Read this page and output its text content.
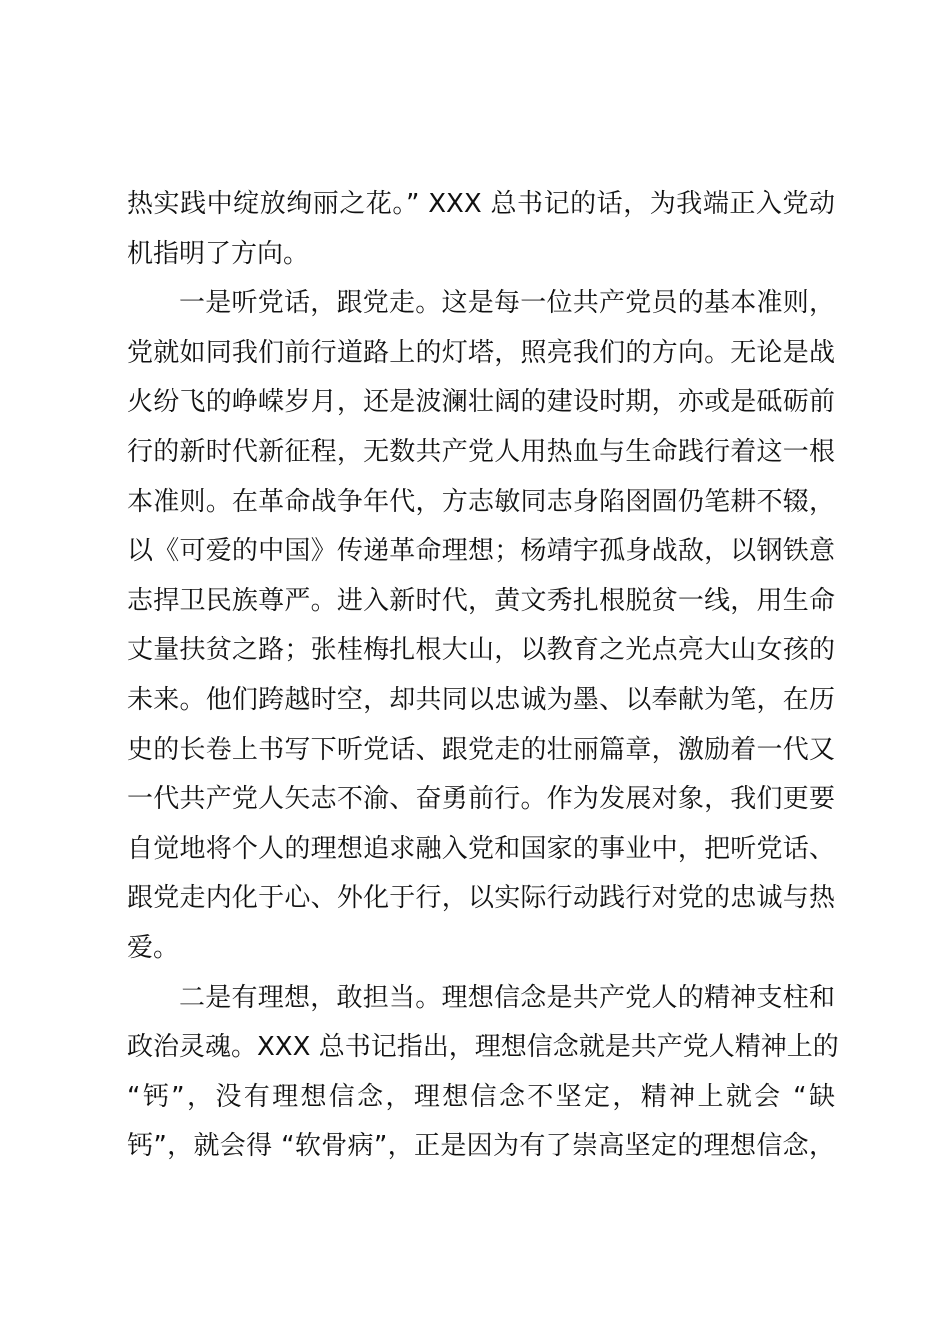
热实践中绽放绚丽之花。” XXX 总书记的话，为我端正入党动
机指明了方向。
一是听党话，跟党走。这是每一位共产党员的基本准则，
党就如同我们前行道路上的灯塔，照亮我们的方向。无论是战
火纷飞的峥嵘岁月，还是波澜壮阔的建设时期，亦或是砥砺前
行的新时代新征程，无数共产党人用热血与生命践行着这一根
本准则。在革命战争年代，方志敏同志身陷囹圄仍笔耕不辍，
以《可爱的中国》传递革命理想；杨靖宇孤身战敌，以钢铁意
志捍卫民族尊严。进入新时代，黄文秀扎根脱贫一线，用生命
丈量扶贫之路；张桂梅扎根大山，以教育之光点亮大山女孩的
未来。他们跨越时空，却共同以忠诚为墨、以奉献为笔，在历
史的长卷上书写下听党话、跟党走的壮丽篇章，激励着一代又
一代共产党人矢志不渝、奋勇前行。作为发展对象，我们更要
自觉地将个人的理想追求融入党和国家的事业中，把听党话、
跟党走内化于心、外化于行，以实际行动践行对党的忠诚与热
爱。
二是有理想，敢担当。理想信念是共产党人的精神支柱和
政治灵魂。XXX 总书记指出，理想信念就是共产党人精神上的
“钙”，没有理想信念，理想信念不坚定，精神上就会 “缺
钙”，就会得 “软骨病”，正是因为有了崇高坚定的理想信念，
